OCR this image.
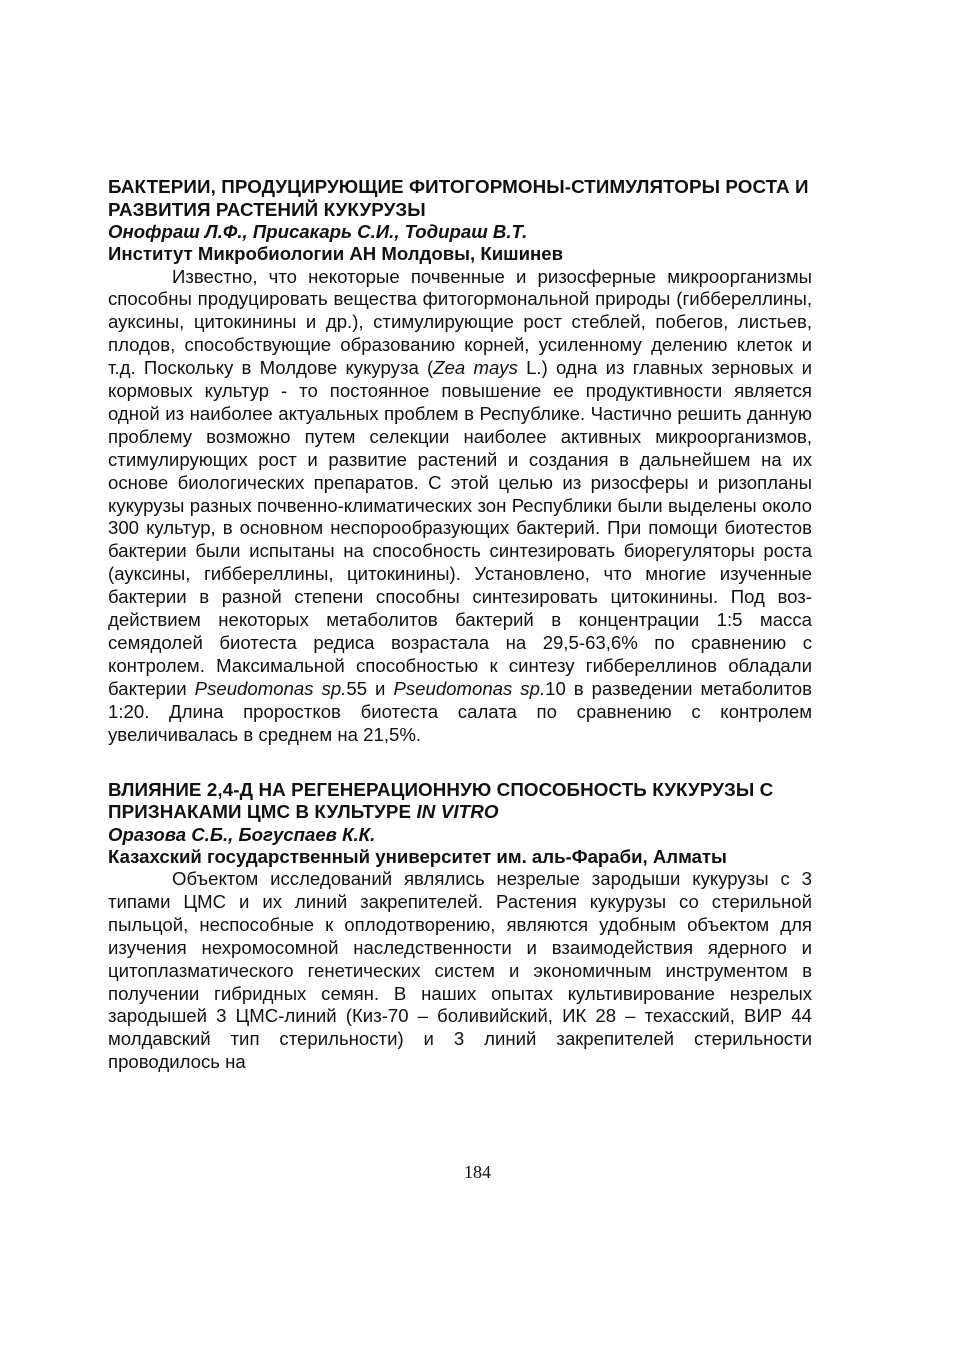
БАКТЕРИИ, ПРОДУЦИРУЮЩИЕ ФИТОГОРМОНЫ-СТИМУЛЯТОРЫ РОСТА И РАЗВИТИЯ РАСТЕНИЙ КУКУРУЗЫ

Онофраш Л.Ф., Присакарь С.И., Тодираш В.Т.

Институт Микробиологии АН Молдовы, Кишинев

Известно, что некоторые почвенные и ризосферные микроорганизмы способны продуцировать вещества фитогормональной природы (гиббереллины, ауксины, цитокинины и др.), стимулирующие рост стеблей, побегов, листьев, плодов, способствующие образованию корней, усиленному делению клеток и т.д. Поскольку в Молдове кукуруза (Zea mays L.) одна из главных зерновых и кормовых культур - то постоянное повышение ее продуктивности является одной из наиболее актуальных проблем в Республике. Частично решить данную проблему возможно путем селекции наиболее активных микроорганизмов, стимулирующих рост и развитие растений и создания в дальнейшем на их основе биологических препаратов. С этой целью из ризосферы и ризопланы кукурузы разных почвенно-климатических зон Республики были выделены около 300 культур, в основном неспорообразующих бактерий. При помощи биотестов бактерии были испытаны на способность синтезировать биорегуляторы роста (ауксины, гиббереллины, цитокинины). Установлено, что многие изученные бактерии в разной степени способны синтезировать цитокинины. Под воздействием некоторых метаболитов бактерий в концентрации 1:5 масса семядолей биотеста редиса возрастала на 29,5-63,6% по сравнению с контролем. Максимальной способностью к синтезу гиббереллинов обладали бактерии Pseudomonas sp.55 и Pseudomonas sp.10 в разведении метаболитов 1:20. Длина проростков биотеста салата по сравнению с контролем увеличивалась в среднем на 21,5%.

ВЛИЯНИЕ 2,4-Д НА РЕГЕНЕРАЦИОННУЮ СПОСОБНОСТЬ КУКУРУЗЫ С ПРИЗНАКАМИ ЦМС В КУЛЬТУРЕ IN VITRO

Оразова С.Б., Богуспаев К.К.

Казахский государственный университет им. аль-Фараби, Алматы

Объектом исследований являлись незрелые зародыши кукурузы с 3 типами ЦМС и их линий закрепителей. Растения кукурузы со стерильной пыльцой, неспособные к оплодотворению, являются удобным объектом для изучения нехромосомной наследственности и взаимодействия ядерного и цитоплазматического генетических систем и экономичным инструментом в получении гибридных семян. В наших опытах культивирование незрелых зародышей 3 ЦМС-линий (Киз-70 – боливийский, ИК 28 – техасский, ВИР 44 молдавский тип стерильности) и 3 линий закрепителей стерильности проводилось на

184
